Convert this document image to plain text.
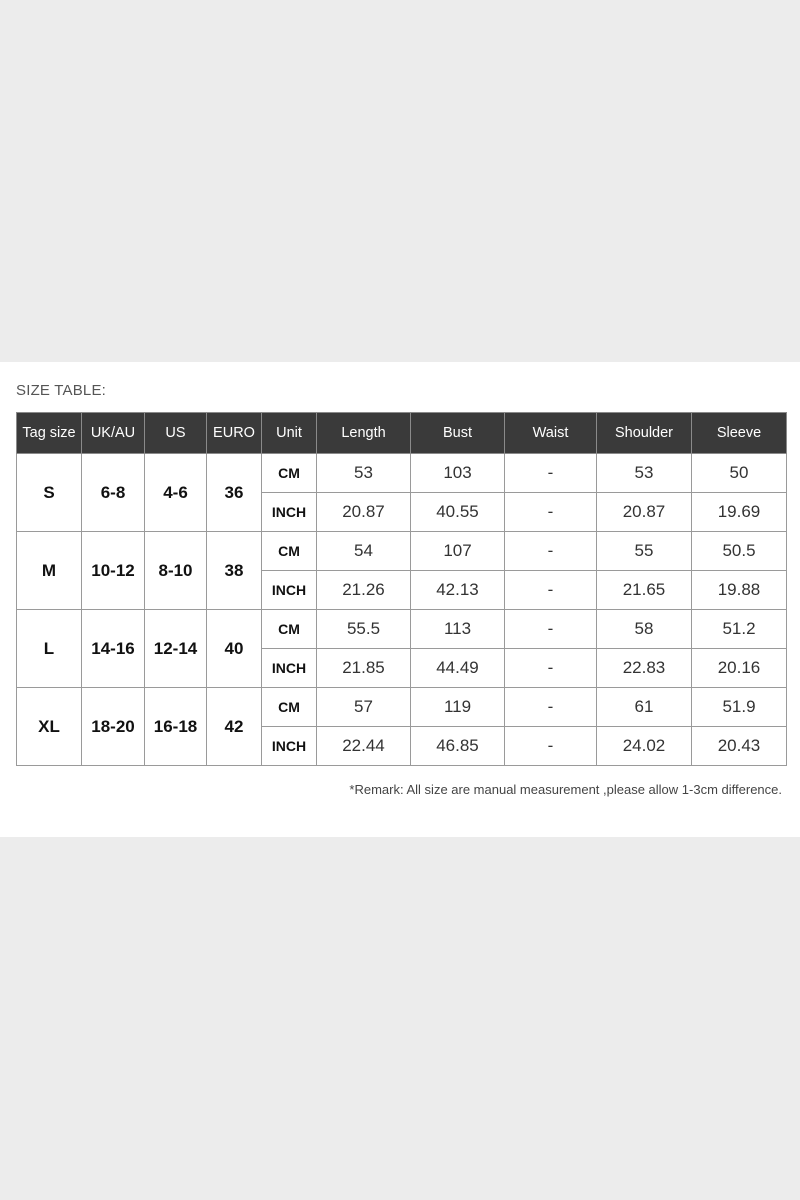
SIZE TABLE:
Tag size	UK/AU	US	EURO	Unit	Length	Bust	Waist	Shoulder	Sleeve
S	6-8	4-6	36	CM	53	103	-	53	50
				INCH	20.87	40.55	-	20.87	19.69
M	10-12	8-10	38	CM	54	107	-	55	50.5
				INCH	21.26	42.13	-	21.65	19.88
L	14-16	12-14	40	CM	55.5	113	-	58	51.2
				INCH	21.85	44.49	-	22.83	20.16
XL	18-20	16-18	42	CM	57	119	-	61	51.9
				INCH	22.44	46.85	-	24.02	20.43
*Remark: All size are manual measurement ,please allow 1-3cm difference.
